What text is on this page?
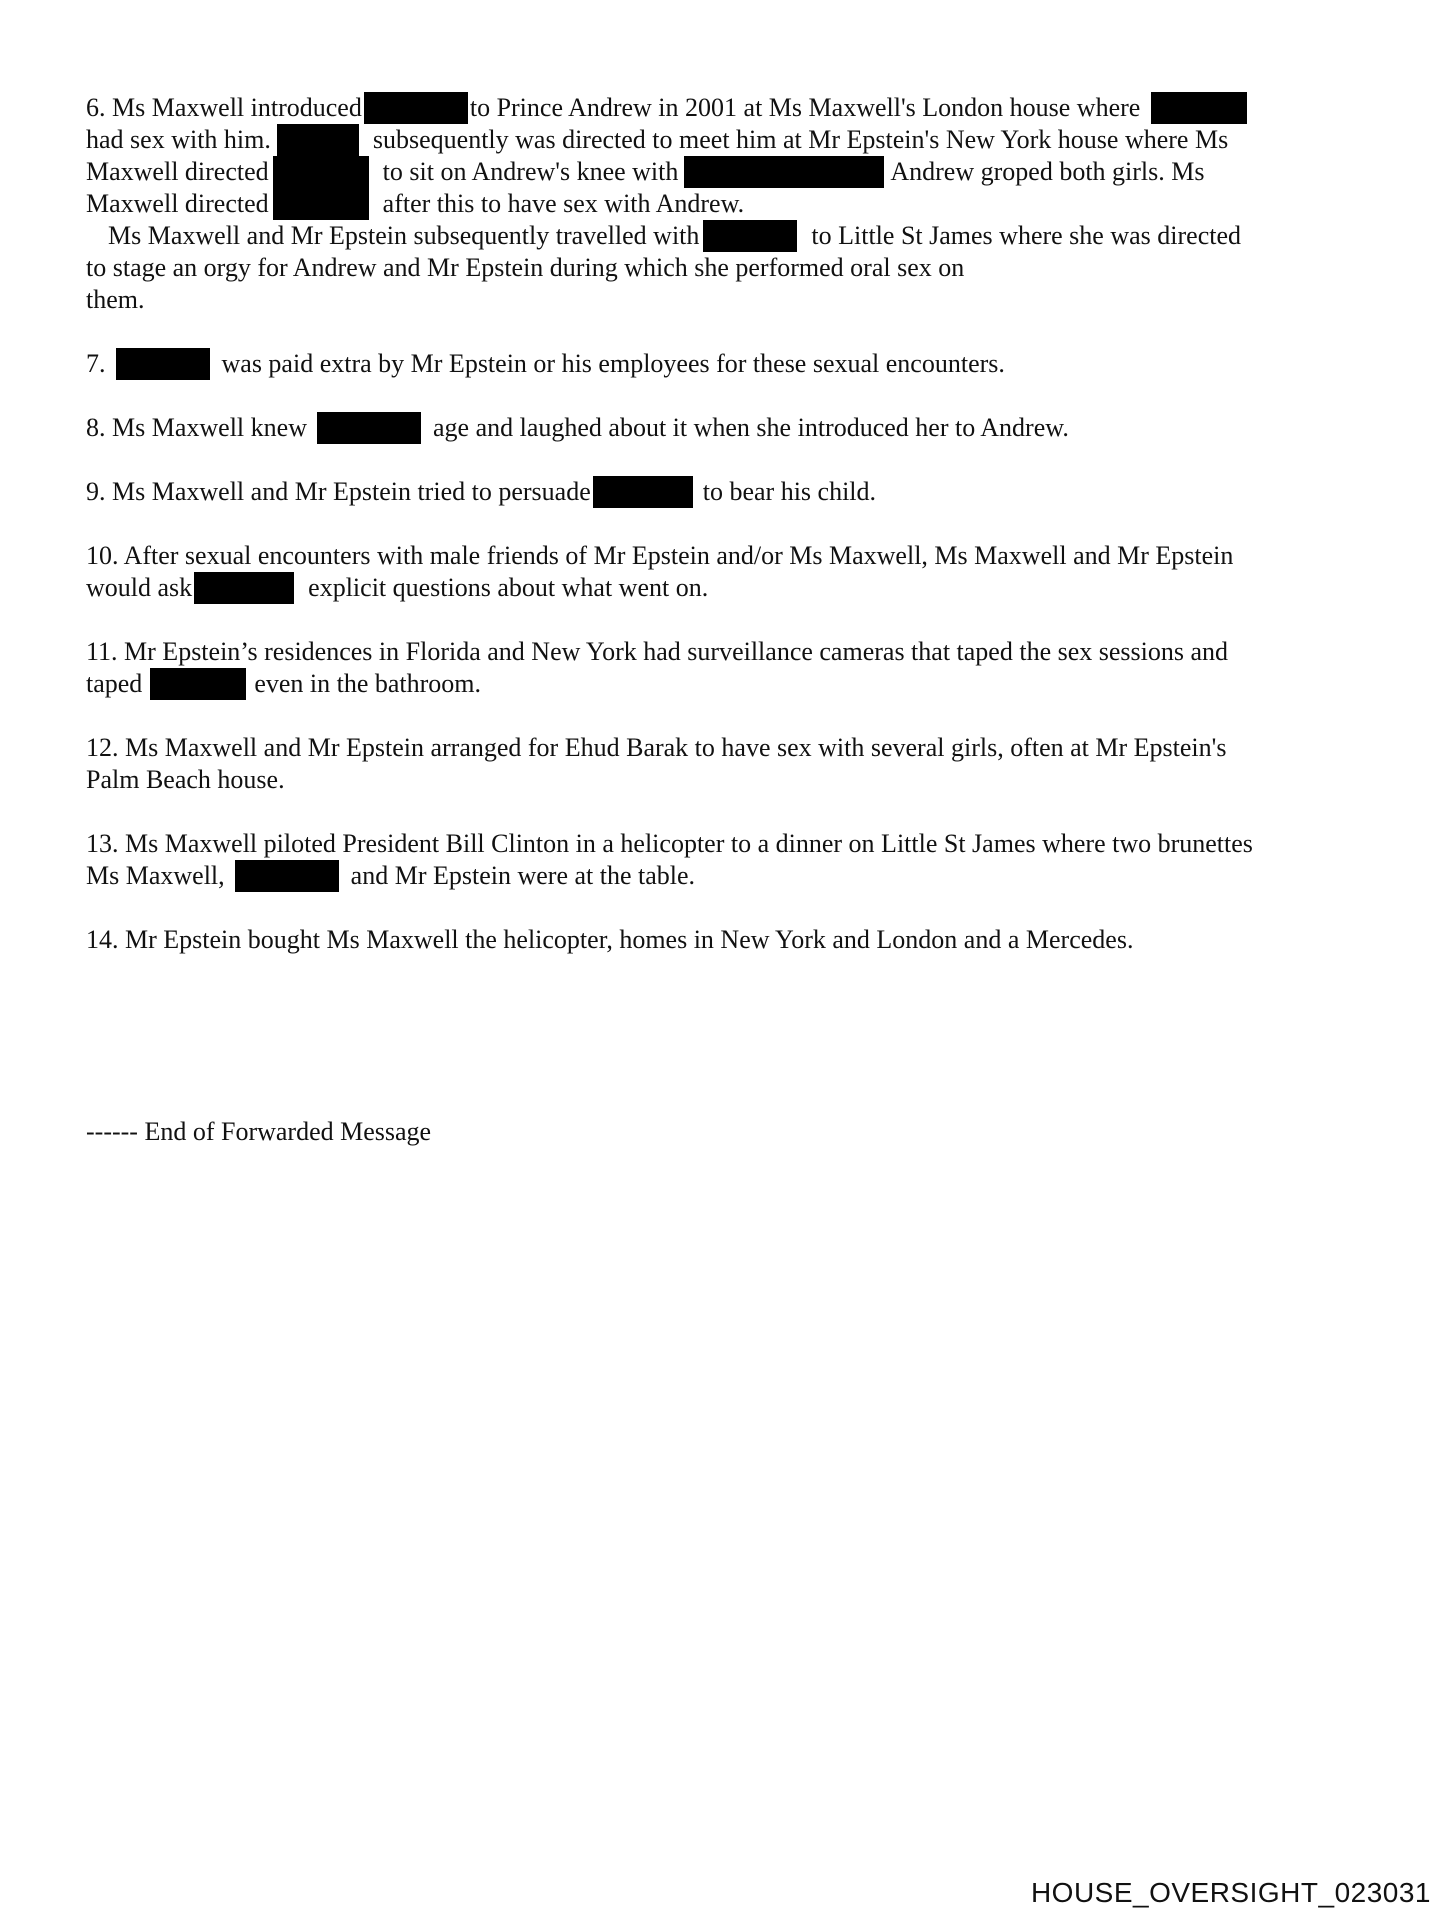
6. Ms Maxwell introduced	to Prince Andrew in 2001 at Ms Maxwell's London house where
had sex with him.	subsequently was directed to meet him at Mr Epstein's New York house where Ms
Maxwell directed	to sit on Andrew's knee with	Andrew groped both girls. Ms
Maxwell directed	after this to have sex with Andrew.
Ms Maxwell and Mr Epstein subsequently travelled with	to Little St James where she was directed
to stage an orgy for Andrew and Mr Epstein during which she performed oral sex on
them.
7.	was paid extra by Mr Epstein or his employees for these sexual encounters.
8. Ms Maxwell knew	age and laughed about it when she introduced her to Andrew.
9. Ms Maxwell and Mr Epstein tried to persuade	to bear his child.
10. After sexual encounters with male friends of Mr Epstein and/or Ms Maxwell, Ms Maxwell and Mr Epstein
would ask	explicit questions about what went on.
11. Mr Epstein’s residences in Florida and New York had surveillance cameras that taped the sex sessions and
taped	even in the bathroom.
12. Ms Maxwell and Mr Epstein arranged for Ehud Barak to have sex with several girls, often at Mr Epstein's
Palm Beach house.
13. Ms Maxwell piloted President Bill Clinton in a helicopter to a dinner on Little St James where two brunettes
Ms Maxwell,	and Mr Epstein were at the table.
14. Mr Epstein bought Ms Maxwell the helicopter, homes in New York and London and a Mercedes.
------ End of Forwarded Message
HOUSE_OVERSIGHT_023031
